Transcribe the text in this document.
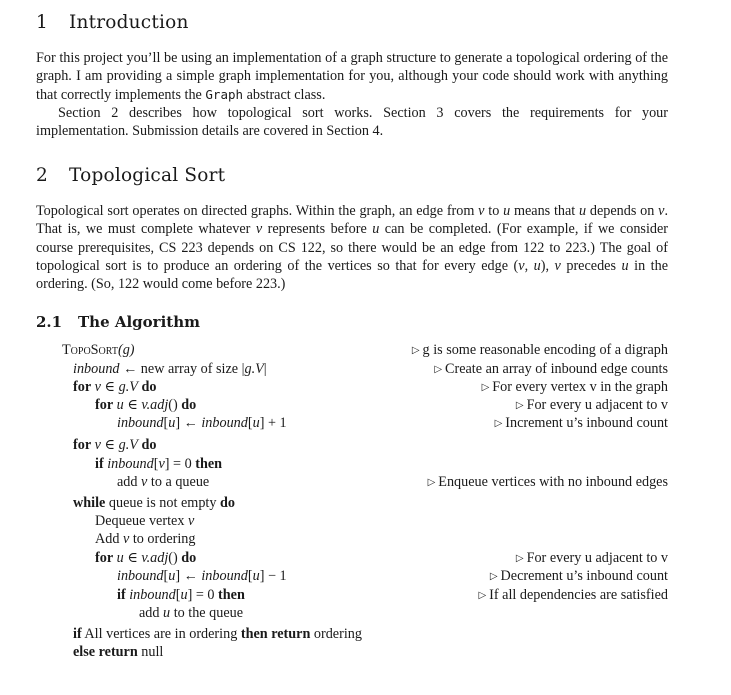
1 Introduction

For this project you’ll be using an implementation of a graph structure to generate a topological ordering of the graph. I am providing a simple graph implementation for you, although your code should work with anything that correctly implements the Graph abstract class.

Section 2 describes how topological sort works. Section 3 covers the requirements for your implementation. Submission details are covered in Section 4.

2 Topological Sort

Topological sort operates on directed graphs. Within the graph, an edge from v to u means that u depends on v. That is, we must complete whatever v represents before u can be completed. (For example, if we consider course prerequisites, CS 223 depends on CS 122, so there would be an edge from 122 to 223.) The goal of topological sort is to produce an ordering of the vertices so that for every edge (v, u), v precedes u in the ordering. (So, 122 would come before 223.)

2.1 The Algorithm
TopoSort(g)	▷ g is some reasonable encoding of a digraph
inbound ← new array of size |g.V|	▷ Create an array of inbound edge counts
for v ∈ g.V do	▷ For every vertex v in the graph
for u ∈ v.adj() do	▷ For every u adjacent to v
inbound[u] ← inbound[u] + 1	▷ Increment u’s inbound count
for v ∈ g.V do
if inbound[v] = 0 then
add v to a queue	▷ Enqueue vertices with no inbound edges
while queue is not empty do
Dequeue vertex v
Add v to ordering
for u ∈ v.adj() do	▷ For every u adjacent to v
inbound[u] ← inbound[u] − 1	▷ Decrement u’s inbound count
if inbound[u] = 0 then	▷ If all dependencies are satisfied
add u to the queue
if All vertices are in ordering then return ordering
else return null
